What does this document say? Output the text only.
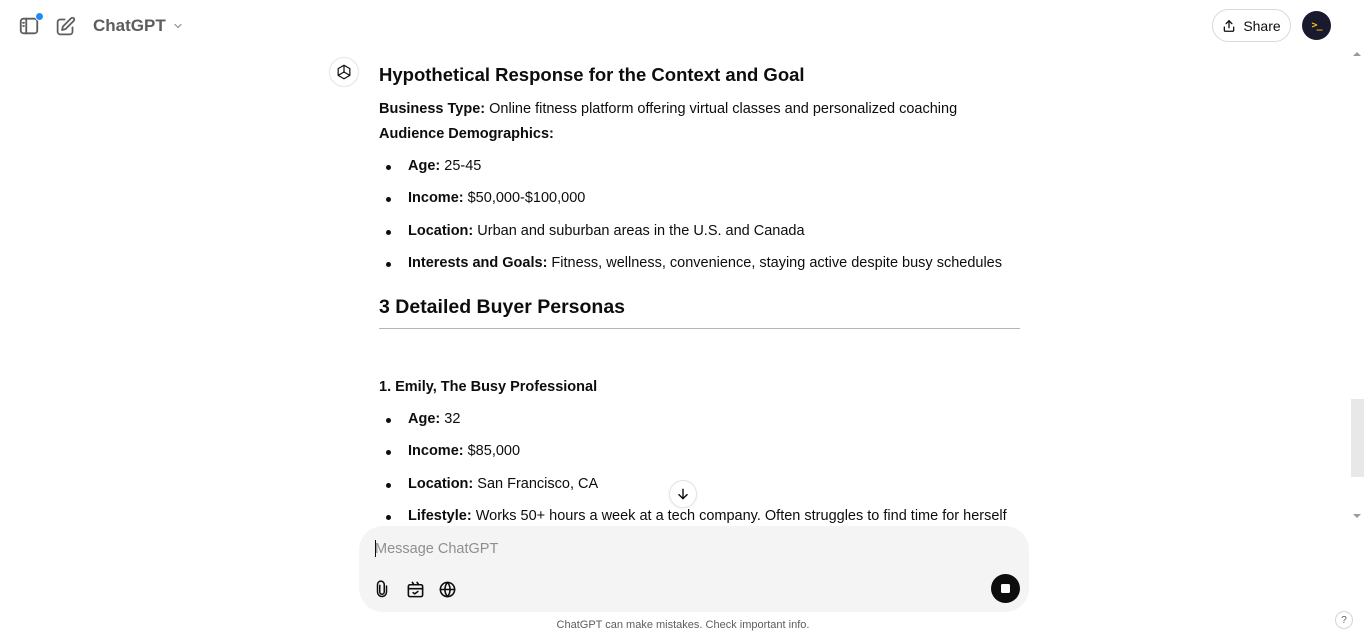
ChatGPT	Share	>_
Hypothetical Response for the Context and Goal
Business Type: Online fitness platform offering virtual classes and personalized coaching
Audience Demographics:
Age: 25-45
Income: $50,000-$100,000
Location: Urban and suburban areas in the U.S. and Canada
Interests and Goals: Fitness, wellness, convenience, staying active despite busy schedules
3 Detailed Buyer Personas
1. Emily, The Busy Professional
Age: 32
Income: $85,000
Location: San Francisco, CA
Lifestyle: Works 50+ hours a week at a tech company. Often struggles to find time for herself
Message ChatGPT
ChatGPT can make mistakes. Check important info.	?
